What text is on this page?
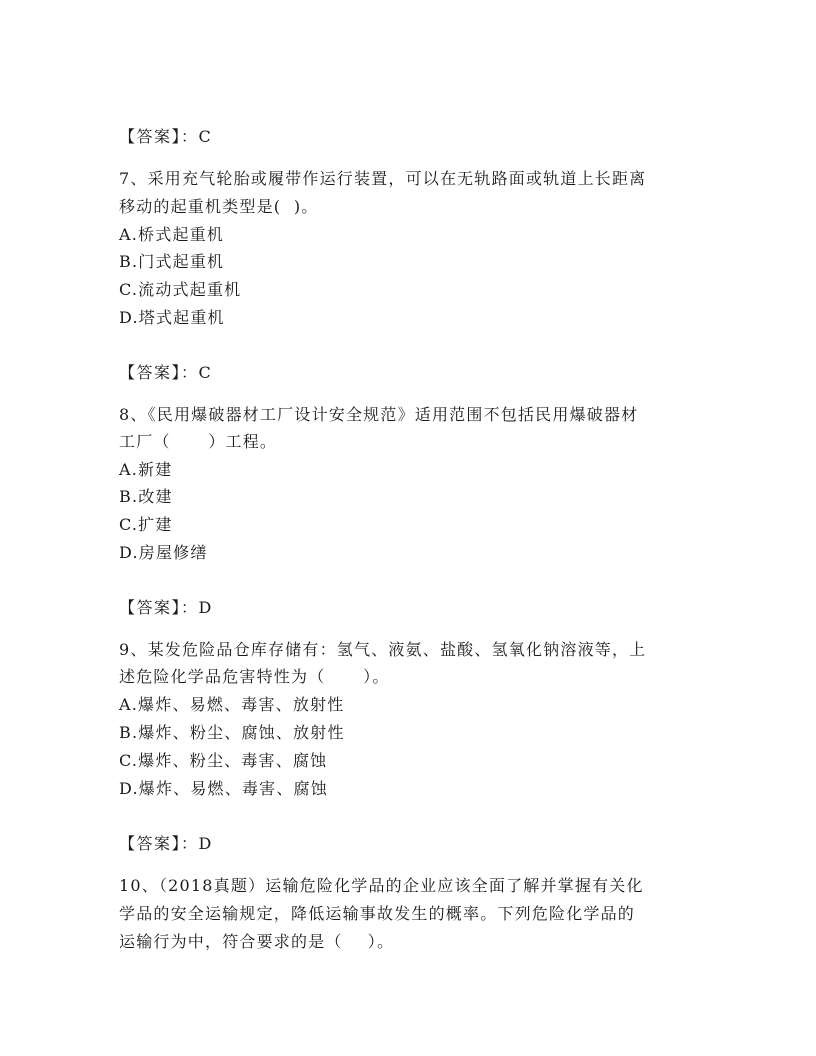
【答案】：C
7、采用充气轮胎或履带作运行装置，可以在无轨路面或轨道上长距离
移动的起重机类型是(  )。
A.桥式起重机
B.门式起重机
C.流动式起重机
D.塔式起重机
【答案】：C
8、《民用爆破器材工厂设计安全规范》适用范围不包括民用爆破器材
工厂（      ）工程。
A.新建
B.改建
C.扩建
D.房屋修缮
【答案】：D
9、某发危险品仓库存储有：氢气、液氨、盐酸、氢氧化钠溶液等，上
述危险化学品危害特性为（      ）。
A.爆炸、易燃、毒害、放射性
B.爆炸、粉尘、腐蚀、放射性
C.爆炸、粉尘、毒害、腐蚀
D.爆炸、易燃、毒害、腐蚀
【答案】：D
10、（2018真题）运输危险化学品的企业应该全面了解并掌握有关化
学品的安全运输规定，降低运输事故发生的概率。下列危险化学品的
运输行为中，符合要求的是（    ）。
